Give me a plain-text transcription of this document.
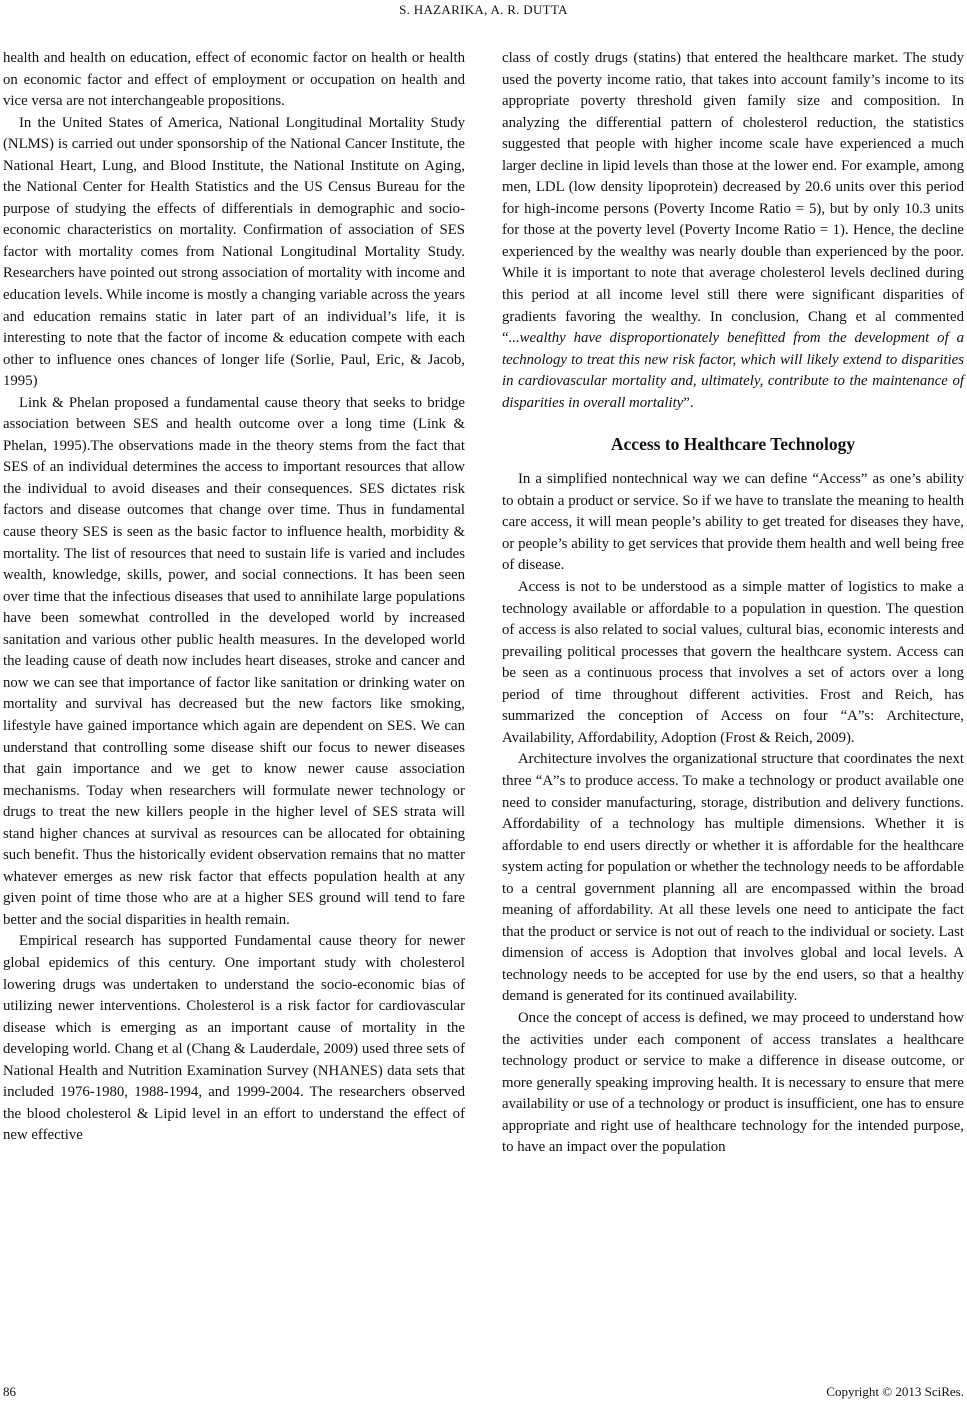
S. HAZARIKA, A. R. DUTTA

health and health on education, effect of economic factor on health or health on economic factor and effect of employment or occupation on health and vice versa are not interchangeable propositions.

In the United States of America, National Longitudinal Mortality Study (NLMS) is carried out under sponsorship of the National Cancer Institute, the National Heart, Lung, and Blood Institute, the National Institute on Aging, the National Center for Health Statistics and the US Census Bureau for the purpose of studying the effects of differentials in demographic and socio-economic characteristics on mortality. Confirmation of association of SES factor with mortality comes from National Longitudinal Mortality Study. Researchers have pointed out strong association of mortality with income and education levels. While income is mostly a changing variable across the years and education remains static in later part of an individual’s life, it is interesting to note that the factor of income & education compete with each other to influence ones chances of longer life (Sorlie, Paul, Eric, & Jacob, 1995)

Link & Phelan proposed a fundamental cause theory that seeks to bridge association between SES and health outcome over a long time (Link & Phelan, 1995).The observations made in the theory stems from the fact that SES of an individual determines the access to important resources that allow the individual to avoid diseases and their consequences. SES dictates risk factors and disease outcomes that change over time. Thus in fundamental cause theory SES is seen as the basic factor to influence health, morbidity & mortality. The list of resources that need to sustain life is varied and includes wealth, knowledge, skills, power, and social connections. It has been seen over time that the infectious diseases that used to annihilate large populations have been somewhat controlled in the developed world by increased sanitation and various other public health measures. In the developed world the leading cause of death now includes heart diseases, stroke and cancer and now we can see that importance of factor like sanitation or drinking water on mortality and survival has decreased but the new factors like smoking, lifestyle have gained importance which again are dependent on SES. We can understand that controlling some disease shift our focus to newer diseases that gain importance and we get to know newer cause association mechanisms. Today when researchers will formulate newer technology or drugs to treat the new killers people in the higher level of SES strata will stand higher chances at survival as resources can be allocated for obtaining such benefit. Thus the historically evident observation remains that no matter whatever emerges as new risk factor that effects population health at any given point of time those who are at a higher SES ground will tend to fare better and the social disparities in health remain.

Empirical research has supported Fundamental cause theory for newer global epidemics of this century. One important study with cholesterol lowering drugs was undertaken to understand the socio-economic bias of utilizing newer interventions. Cholesterol is a risk factor for cardiovascular disease which is emerging as an important cause of mortality in the developing world. Chang et al (Chang & Lauderdale, 2009) used three sets of National Health and Nutrition Examination Survey (NHANES) data sets that included 1976-1980, 1988-1994, and 1999-2004. The researchers observed the blood cholesterol & Lipid level in an effort to understand the effect of new effective

class of costly drugs (statins) that entered the healthcare market. The study used the poverty income ratio, that takes into account family’s income to its appropriate poverty threshold given family size and composition. In analyzing the differential pattern of cholesterol reduction, the statistics suggested that people with higher income scale have experienced a much larger decline in lipid levels than those at the lower end. For example, among men, LDL (low density lipoprotein) decreased by 20.6 units over this period for high-income persons (Poverty Income Ratio = 5), but by only 10.3 units for those at the poverty level (Poverty Income Ratio = 1). Hence, the decline experienced by the wealthy was nearly double than experienced by the poor. While it is important to note that average cholesterol levels declined during this period at all income level still there were significant disparities of gradients favoring the wealthy. In conclusion, Chang et al commented “...wealthy have disproportionately benefitted from the development of a technology to treat this new risk factor, which will likely extend to disparities in cardiovascular mortality and, ultimately, contribute to the maintenance of disparities in overall mortality”.

Access to Healthcare Technology

In a simplified nontechnical way we can define “Access” as one’s ability to obtain a product or service. So if we have to translate the meaning to health care access, it will mean people’s ability to get treated for diseases they have, or people’s ability to get services that provide them health and well being free of disease.

Access is not to be understood as a simple matter of logistics to make a technology available or affordable to a population in question. The question of access is also related to social values, cultural bias, economic interests and prevailing political processes that govern the healthcare system. Access can be seen as a continuous process that involves a set of actors over a long period of time throughout different activities. Frost and Reich, has summarized the conception of Access on four “A”s: Architecture, Availability, Affordability, Adoption (Frost & Reich, 2009).

Architecture involves the organizational structure that coordinates the next three “A”s to produce access. To make a technology or product available one need to consider manufacturing, storage, distribution and delivery functions. Affordability of a technology has multiple dimensions. Whether it is affordable to end users directly or whether it is affordable for the healthcare system acting for population or whether the technology needs to be affordable to a central government planning all are encompassed within the broad meaning of affordability. At all these levels one need to anticipate the fact that the product or service is not out of reach to the individual or society. Last dimension of access is Adoption that involves global and local levels. A technology needs to be accepted for use by the end users, so that a healthy demand is generated for its continued availability.

Once the concept of access is defined, we may proceed to understand how the activities under each component of access translates a healthcare technology product or service to make a difference in disease outcome, or more generally speaking improving health. It is necessary to ensure that mere availability or use of a technology or product is insufficient, one has to ensure appropriate and right use of healthcare technology for the intended purpose, to have an impact over the population

86	Copyright © 2013 SciRes.
